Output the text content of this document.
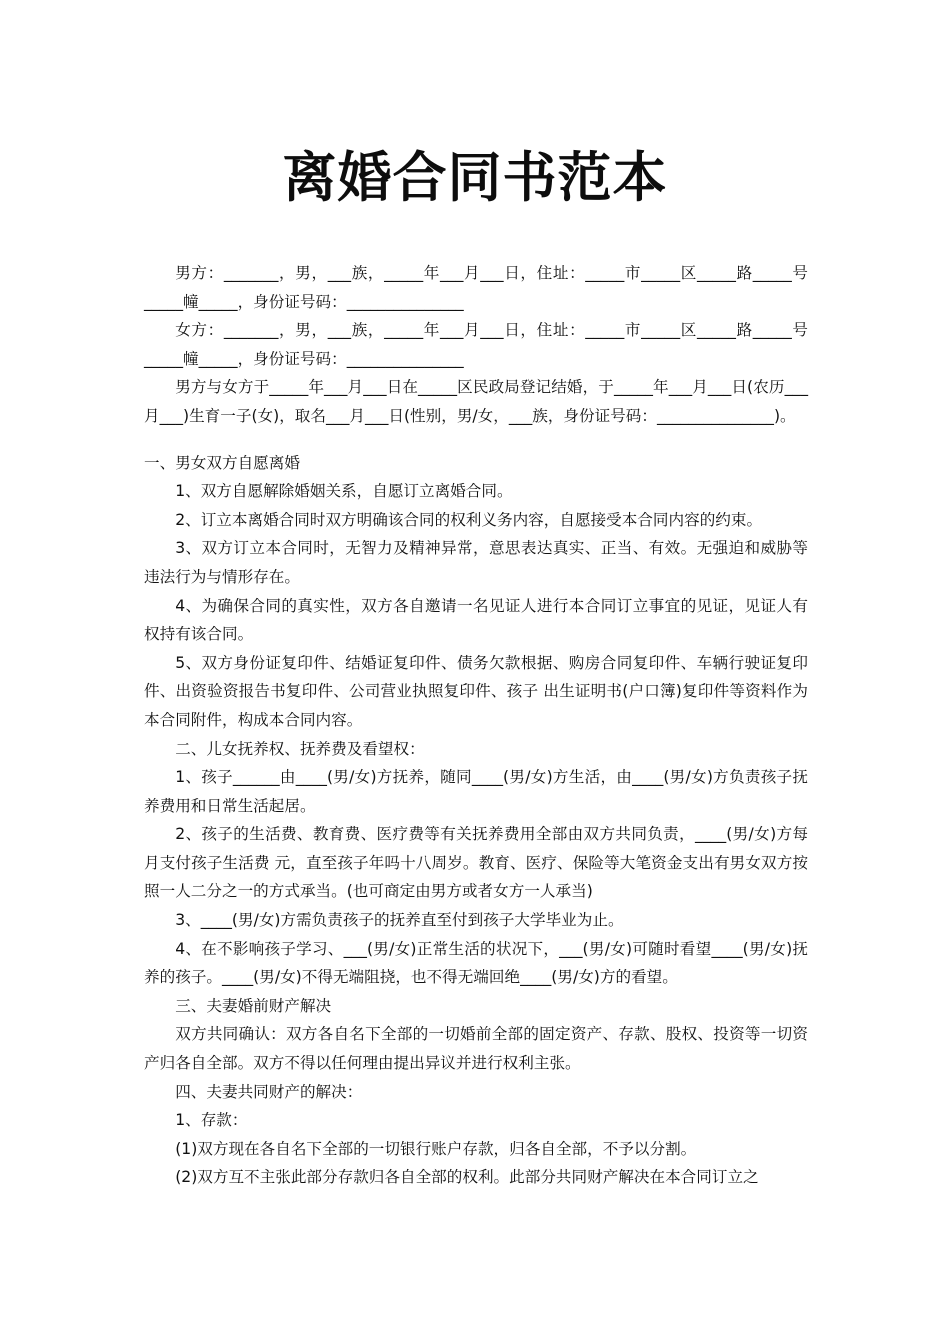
离婚合同书范本

男方：_______，男，___族，_____年___月___日，住址：_____市_____区_____路_____号_____幢_____，身份证号码：_______________

女方：_______，男，___族，_____年___月___日，住址：_____市_____区_____路_____号_____幢_____，身份证号码：_______________

男方与女方于_____年___月___日在_____区民政局登记结婚，于_____年___月___日(农历___月___)生育一子(女)，取名___月___日(性别，男/女，___族，身份证号码：_______________)。

一、男女双方自愿离婚

1、双方自愿解除婚姻关系，自愿订立离婚合同。

2、订立本离婚合同时双方明确该合同的权利义务内容，自愿接受本合同内容的约束。

3、双方订立本合同时，无智力及精神异常，意思表达真实、正当、有效。无强迫和威胁等违法行为与情形存在。

4、为确保合同的真实性，双方各自邀请一名见证人进行本合同订立事宜的见证，见证人有权持有该合同。

5、双方身份证复印件、结婚证复印件、债务欠款根据、购房合同复印件、车辆行驶证复印件、出资验资报告书复印件、公司营业执照复印件、孩子 出生证明书(户口簿)复印件等资料作为本合同附件，构成本合同内容。

二、儿女抚养权、抚养费及看望权：

1、孩子______由____(男/女)方抚养，随同____(男/女)方生活，由____(男/女)方负责孩子抚养费用和日常生活起居。

2、孩子的生活费、教育费、医疗费等有关抚养费用全部由双方共同负责，____(男/女)方每月支付孩子生活费 元，直至孩子年吗十八周岁。教育、医疗、保险等大笔资金支出有男女双方按照一人二分之一的方式承当。(也可商定由男方或者女方一人承当)

3、____(男/女)方需负责孩子的抚养直至付到孩子大学毕业为止。

4、在不影响孩子学习、___(男/女)正常生活的状况下，___(男/女)可随时看望____(男/女)抚养的孩子。____(男/女)不得无端阻挠，也不得无端回绝____(男/女)方的看望。

三、夫妻婚前财产解决

双方共同确认：双方各自名下全部的一切婚前全部的固定资产、存款、股权、投资等一切资产归各自全部。双方不得以任何理由提出异议并进行权利主张。

四、夫妻共同财产的解决：

1、存款：

(1)双方现在各自名下全部的一切银行账户存款，归各自全部，不予以分割。

(2)双方互不主张此部分存款归各自全部的权利。此部分共同财产解决在本合同订立之
